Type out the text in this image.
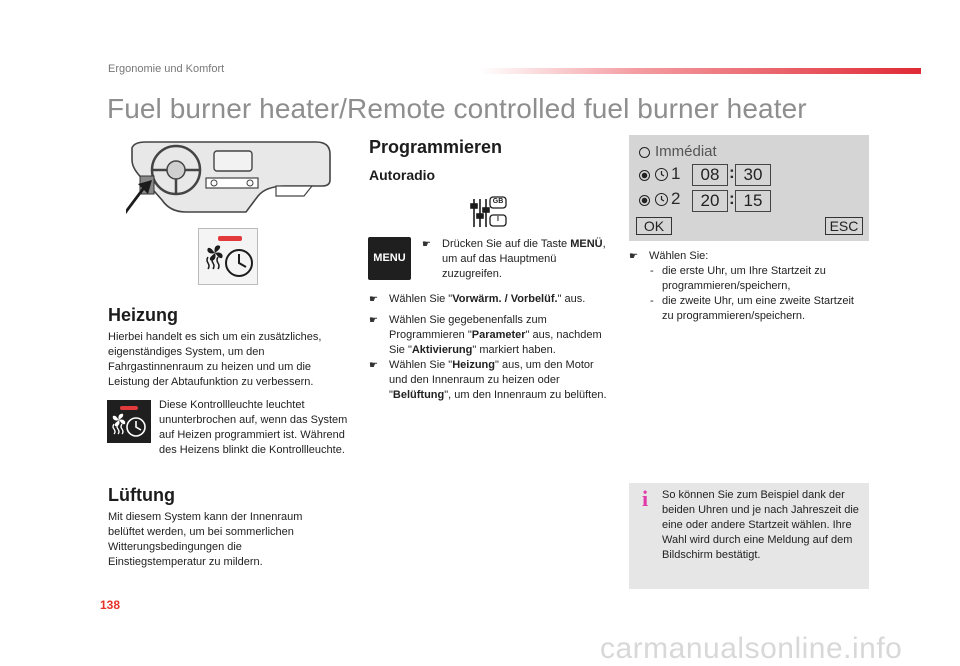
Ergonomie und Komfort
Fuel burner heater/Remote controlled fuel burner heater
Heizung
Hierbei handelt es sich um ein zusätzliches, eigenständiges System, um den Fahrgastinnenraum zu heizen und um die Leistung der Abtaufunktion zu verbessern.
Diese Kontrollleuchte leuchtet ununterbrochen auf, wenn das System auf Heizen programmiert ist. Während des Heizens blinkt die Kontrollleuchte.
Lüftung
Mit diesem System kann der Innenraum belüftet werden, um bei sommerlichen Witterungsbedingungen die Einstiegstemperatur zu mildern.
Programmieren
Autoradio
GB
I
MENU
☛ Drücken Sie auf die Taste MENÜ, um auf das Hauptmenü zuzugreifen.
☛ Wählen Sie "Vorwärm. / Vorbelüf." aus.
☛ Wählen Sie gegebenenfalls zum Programmieren "Parameter" aus, nachdem Sie "Aktivierung" markiert haben.
☛ Wählen Sie "Heizung" aus, um den Motor und den Innenraum zu heizen oder "Belüftung", um den Innenraum zu belüften.
Immédiat
1	08 : 30
2	20 : 15
OK	ESC
☛ Wählen Sie:
- die erste Uhr, um Ihre Startzeit zu programmieren/speichern,
- die zweite Uhr, um eine zweite Startzeit zu programmieren/speichern.
i So können Sie zum Beispiel dank der beiden Uhren und je nach Jahreszeit die eine oder andere Startzeit wählen. Ihre Wahl wird durch eine Meldung auf dem Bildschirm bestätigt.
138
carmanualsonline.info
